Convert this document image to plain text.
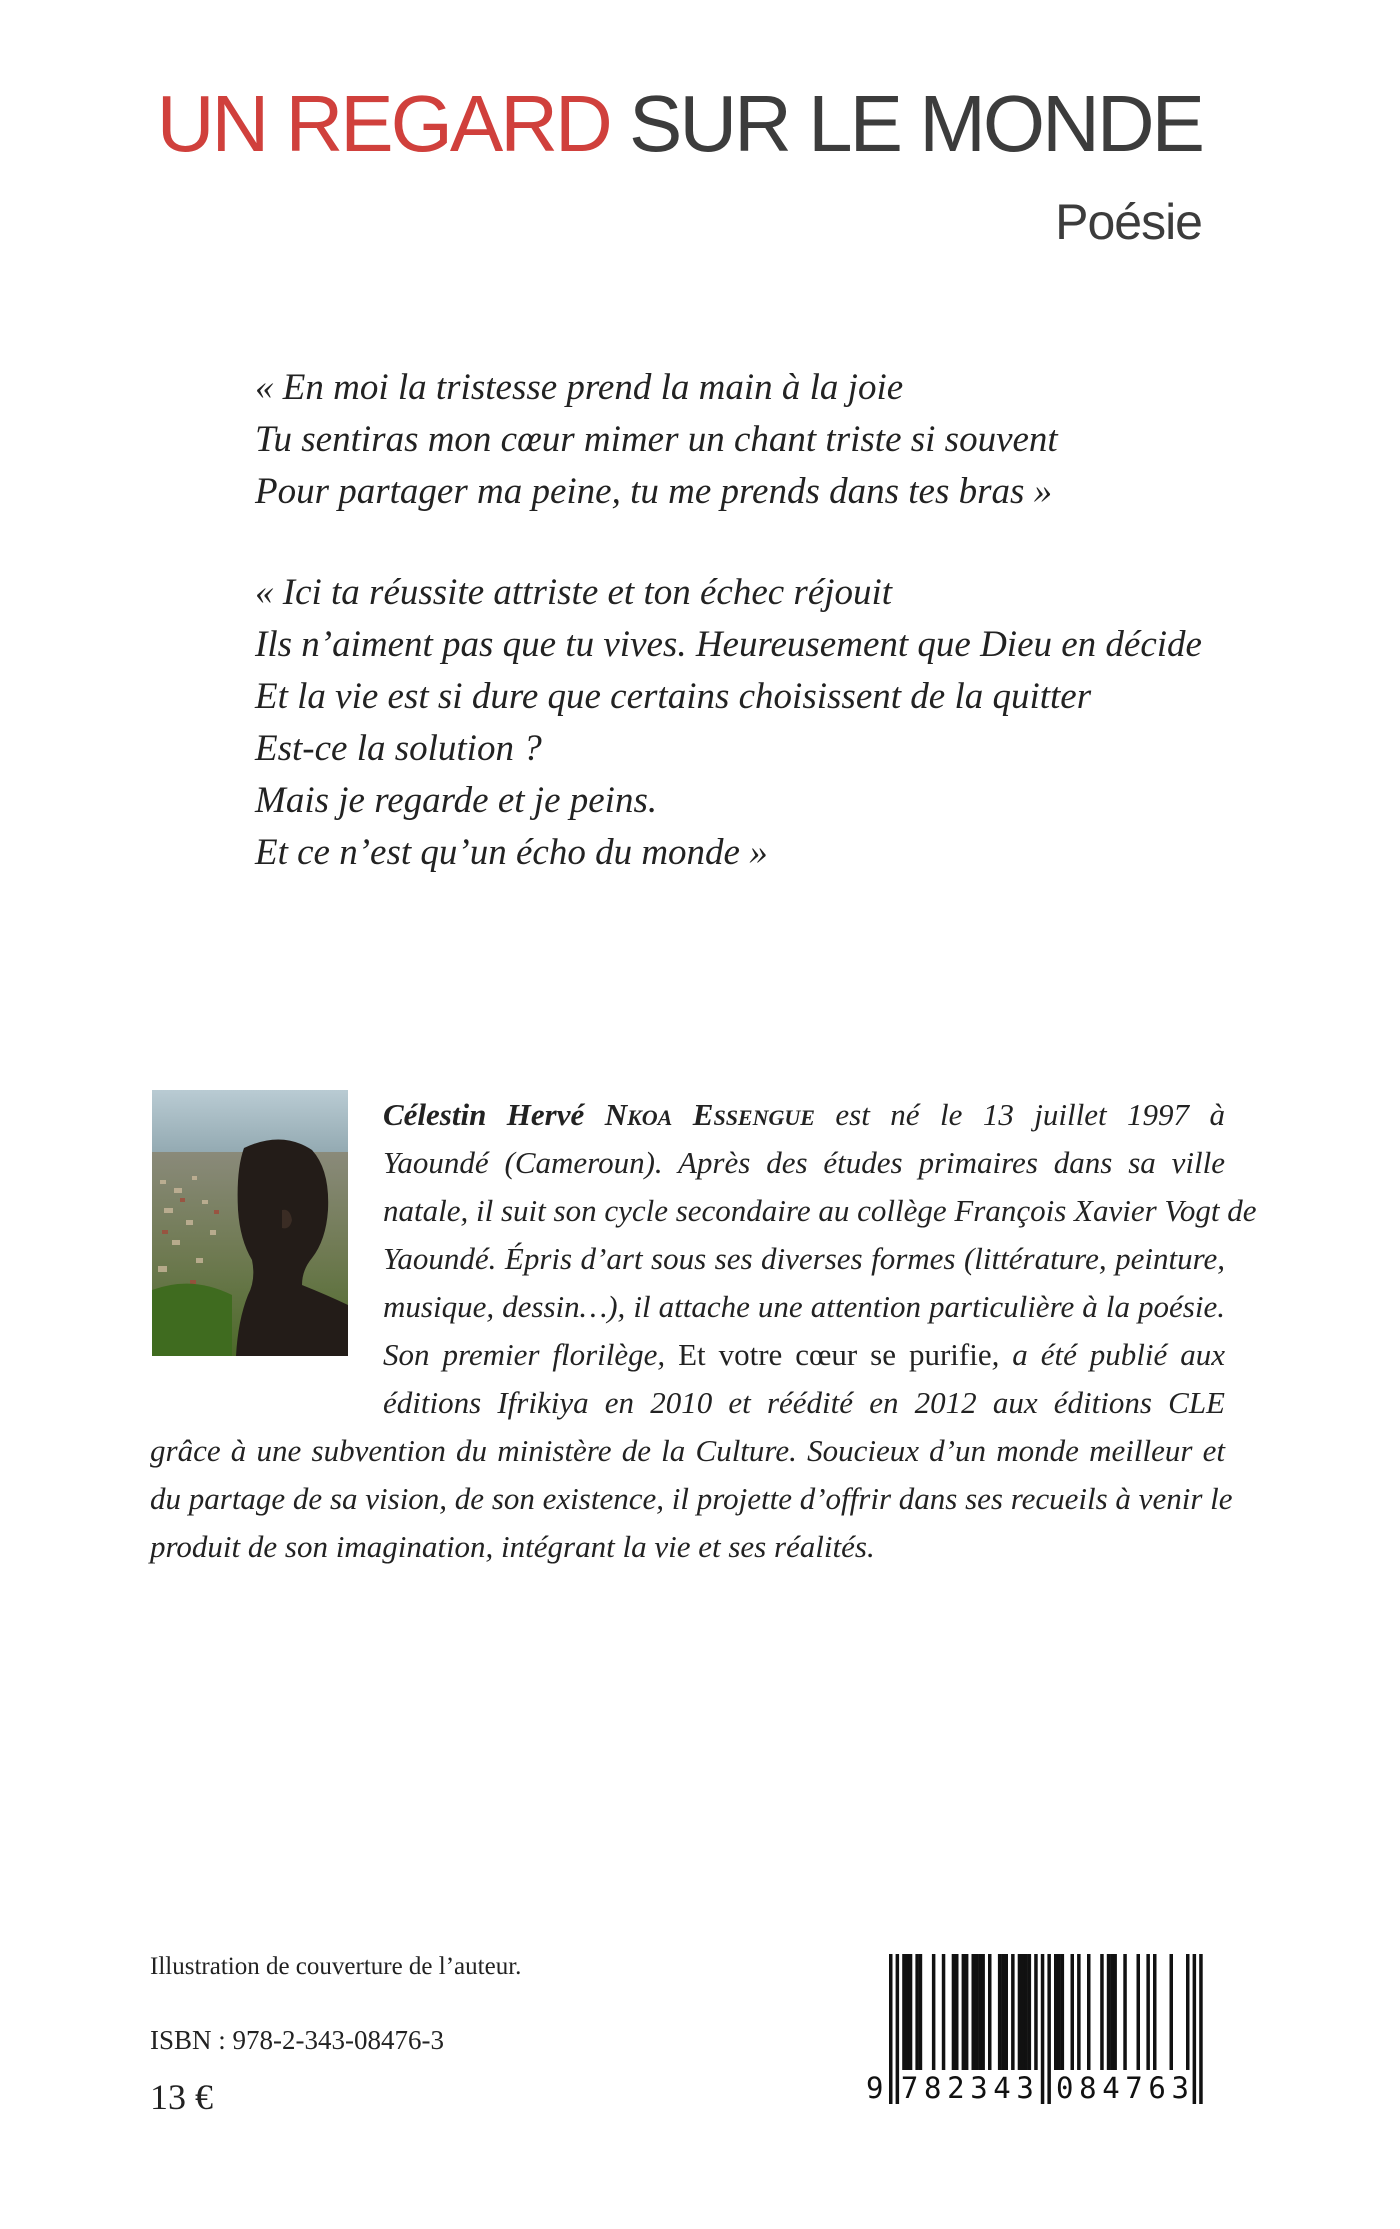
UN REGARD SUR LE MONDE
Poésie
« En moi la tristesse prend la main à la joie
Tu sentiras mon cœur mimer un chant triste si souvent
Pour partager ma peine, tu me prends dans tes bras »
« Ici ta réussite attriste et ton échec réjouit
Ils n’aiment pas que tu vives. Heureusement que Dieu en décide
Et la vie est si dure que certains choisissent de la quitter
Est-ce la solution ?
Mais je regarde et je peins.
Et ce n’est qu’un écho du monde »
Célestin Hervé Nkoa Essengue est né le 13 juillet 1997 à
Yaoundé (Cameroun). Après des études primaires dans sa ville
natale, il suit son cycle secondaire au collège François Xavier Vogt de
Yaoundé. Épris d’art sous ses diverses formes (littérature, peinture,
musique, dessin…), il attache une attention particulière à la poésie.
Son premier florilège, Et votre cœur se purifie, a été publié aux
éditions Ifrikiya en 2010 et réédité en 2012 aux éditions CLE
grâce à une subvention du ministère de la Culture. Soucieux d’un monde meilleur et
du partage de sa vision, de son existence, il projette d’offrir dans ses recueils à venir le
produit de son imagination, intégrant la vie et ses réalités.
Illustration de couverture de l’auteur.
ISBN : 978-2-343-08476-3
13 €	9 7 8 2 3 4 3 0 8 4 7 6 3
